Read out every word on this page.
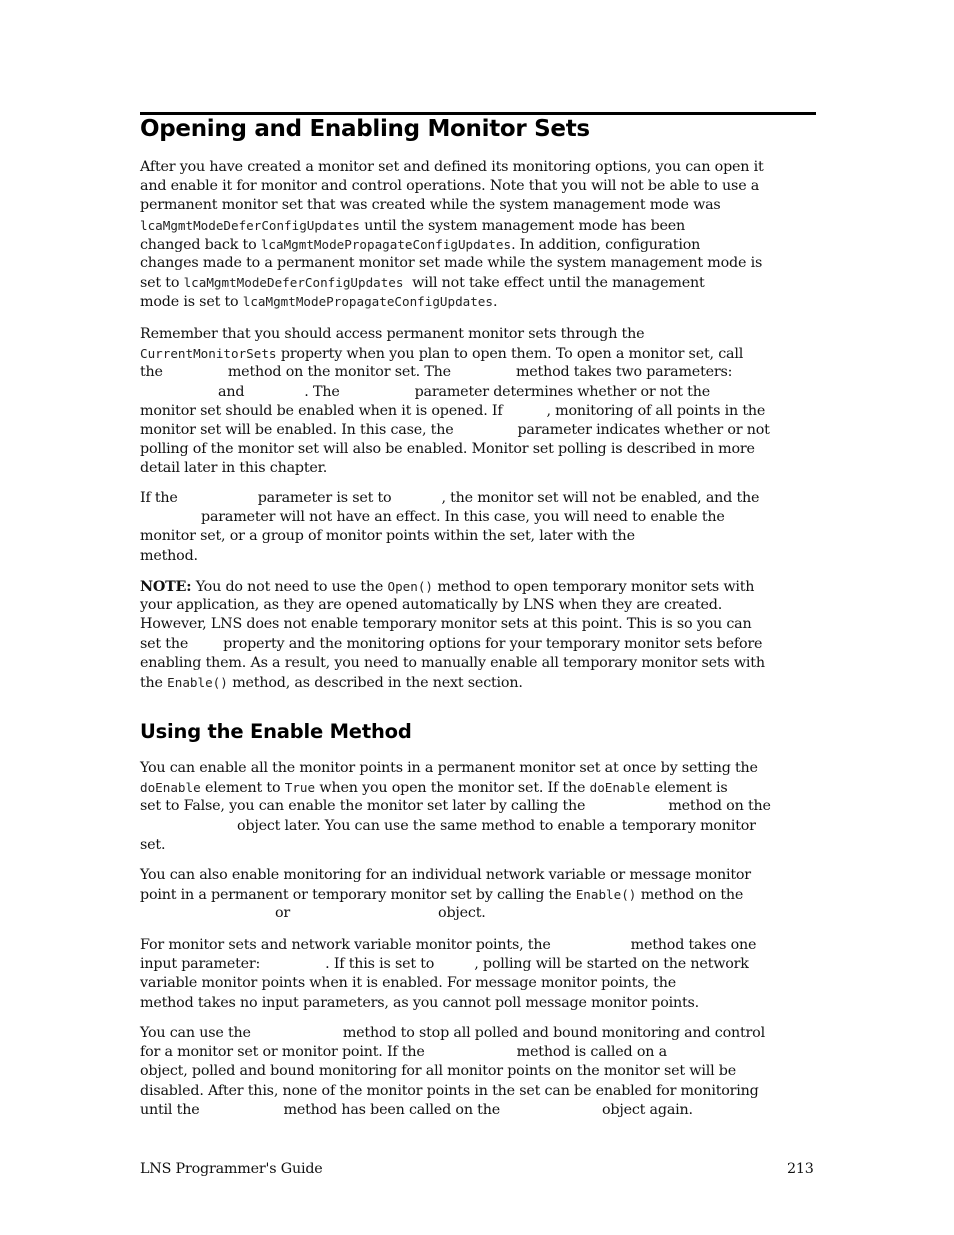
Opening and Enabling Monitor Sets
After you have created a monitor set and defined its monitoring options, you can open it
and enable it for monitor and control operations. Note that you will not be able to use a
permanent monitor set that was created while the system management mode was
lcaMgmtModeDeferConfigUpdates until the system management mode has been
changed back to lcaMgmtModePropagateConfigUpdates. In addition, configuration
changes made to a permanent monitor set made while the system management mode is
set to lcaMgmtModeDeferConfigUpdates  will not take effect until the management
mode is set to lcaMgmtModePropagateConfigUpdates.
Remember that you should access permanent monitor sets through the
CurrentMonitorSets property when you plan to open them. To open a monitor set, call
the	method on the monitor set. The	method takes two parameters:
and	. The	parameter determines whether or not the
monitor set should be enabled when it is opened. If	, monitoring of all points in the
monitor set will be enabled. In this case, the	parameter indicates whether or not
polling of the monitor set will also be enabled. Monitor set polling is described in more
detail later in this chapter.
If the	parameter is set to	, the monitor set will not be enabled, and the
parameter will not have an effect. In this case, you will need to enable the
monitor set, or a group of monitor points within the set, later with the
method.
NOTE: You do not need to use the Open() method to open temporary monitor sets with
your application, as they are opened automatically by LNS when they are created.
However, LNS does not enable temporary monitor sets at this point. This is so you can
set the property and the monitoring options for your temporary monitor sets before
enabling them. As a result, you need to manually enable all temporary monitor sets with
the Enable() method, as described in the next section.
Using the Enable Method
You can enable all the monitor points in a permanent monitor set at once by setting the
doEnable element to True when you open the monitor set. If the doEnable element is
set to False, you can enable the monitor set later by calling the	method on the
object later. You can use the same method to enable a temporary monitor
set.
You can also enable monitoring for an individual network variable or message monitor
point in a permanent or temporary monitor set by calling the Enable() method on the
or	object.
For monitor sets and network variable monitor points, the	method takes one
input parameter:	. If this is set to	, polling will be started on the network
variable monitor points when it is enabled. For message monitor points, the
method takes no input parameters, as you cannot poll message monitor points.
You can use the	method to stop all polled and bound monitoring and control
for a monitor set or monitor point. If the	method is called on a
object, polled and bound monitoring for all monitor points on the monitor set will be
disabled. After this, none of the monitor points in the set can be enabled for monitoring
until the	method has been called on the	object again.
LNS Programmer's Guide	213
